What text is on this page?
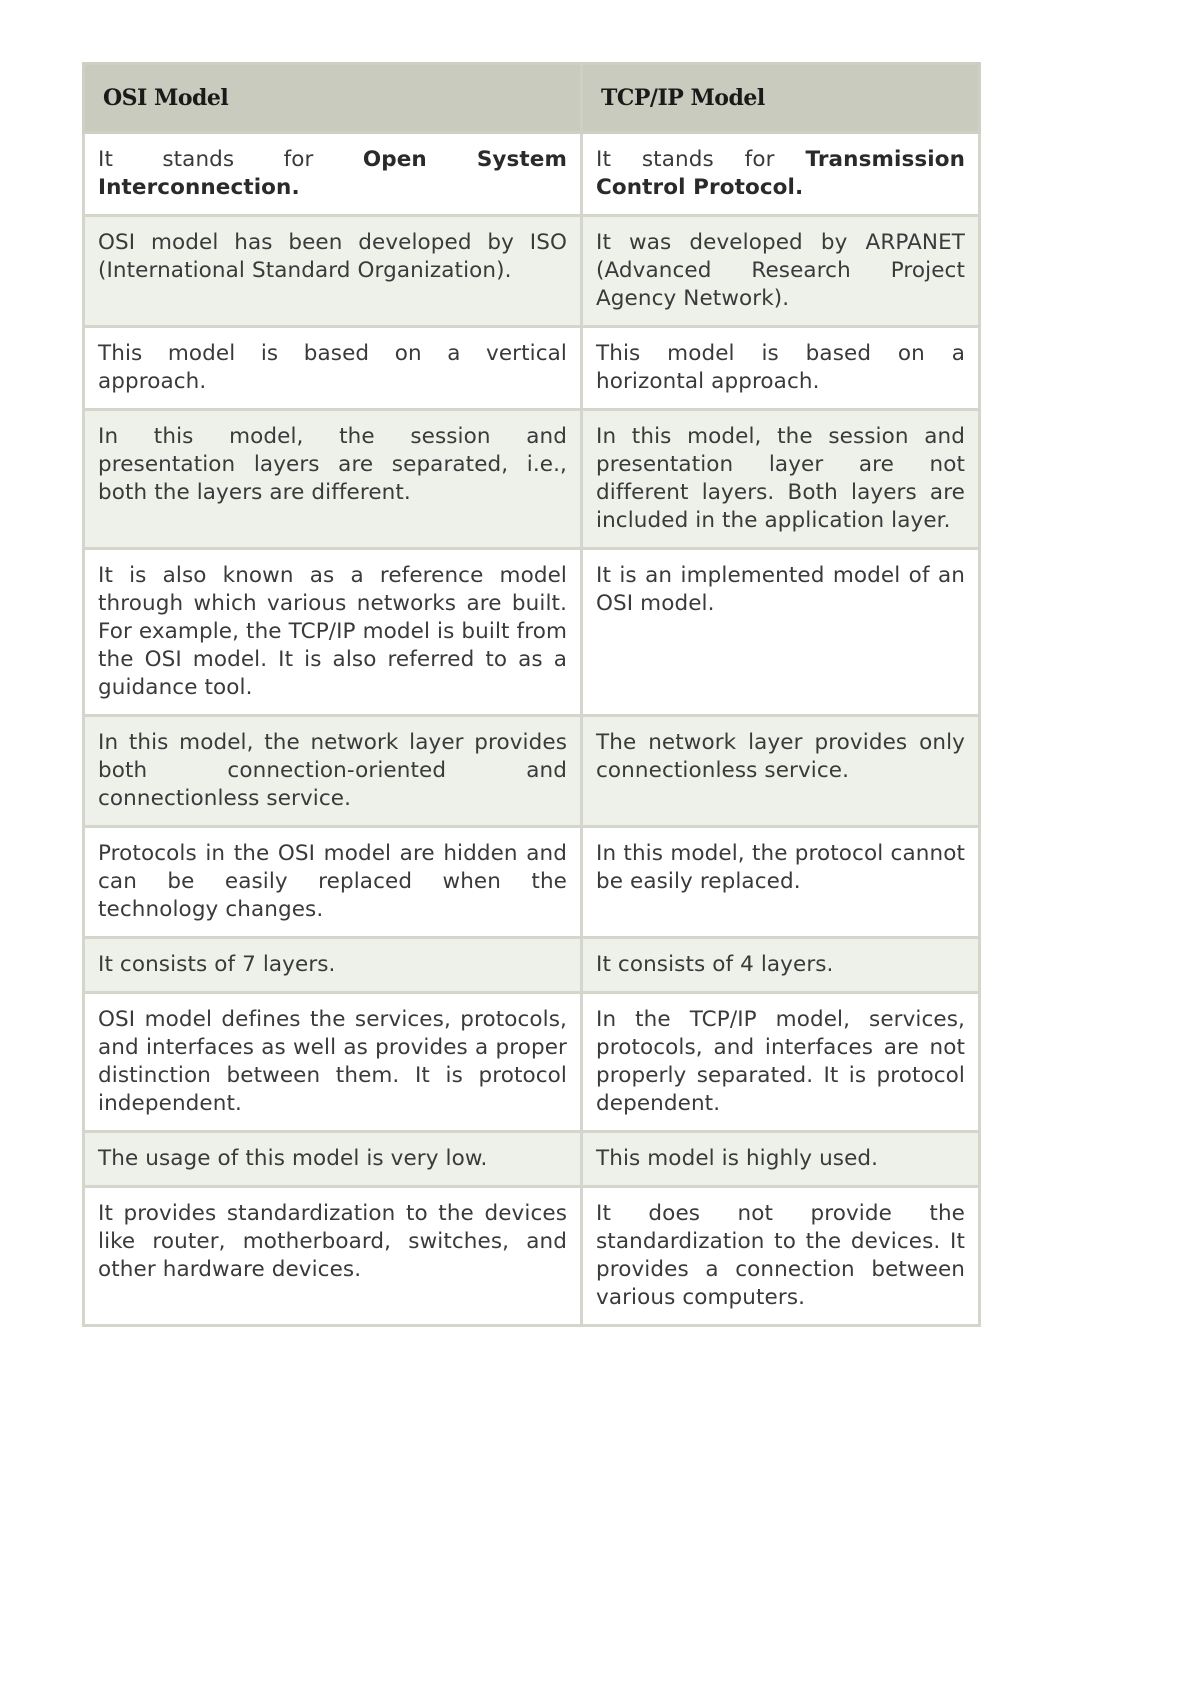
OSI Model	TCP/IP Model
It stands for Open System Interconnection.	It stands for Transmission Control Protocol.
OSI model has been developed by ISO (International Standard Organization).	It was developed by ARPANET (Advanced Research Project Agency Network).
This model is based on a vertical approach.	This model is based on a horizontal approach.
In this model, the session and presentation layers are separated, i.e., both the layers are different.	In this model, the session and presentation layer are not different layers. Both layers are included in the application layer.
It is also known as a reference model through which various networks are built. For example, the TCP/IP model is built from the OSI model. It is also referred to as a guidance tool.	It is an implemented model of an OSI model.
In this model, the network layer provides both connection-oriented and connectionless service.	The network layer provides only connectionless service.
Protocols in the OSI model are hidden and can be easily replaced when the technology changes.	In this model, the protocol cannot be easily replaced.
It consists of 7 layers.	It consists of 4 layers.
OSI model defines the services, protocols, and interfaces as well as provides a proper distinction between them. It is protocol independent.	In the TCP/IP model, services, protocols, and interfaces are not properly separated. It is protocol dependent.
The usage of this model is very low.	This model is highly used.
It provides standardization to the devices like router, motherboard, switches, and other hardware devices.	It does not provide the standardization to the devices. It provides a connection between various computers.
